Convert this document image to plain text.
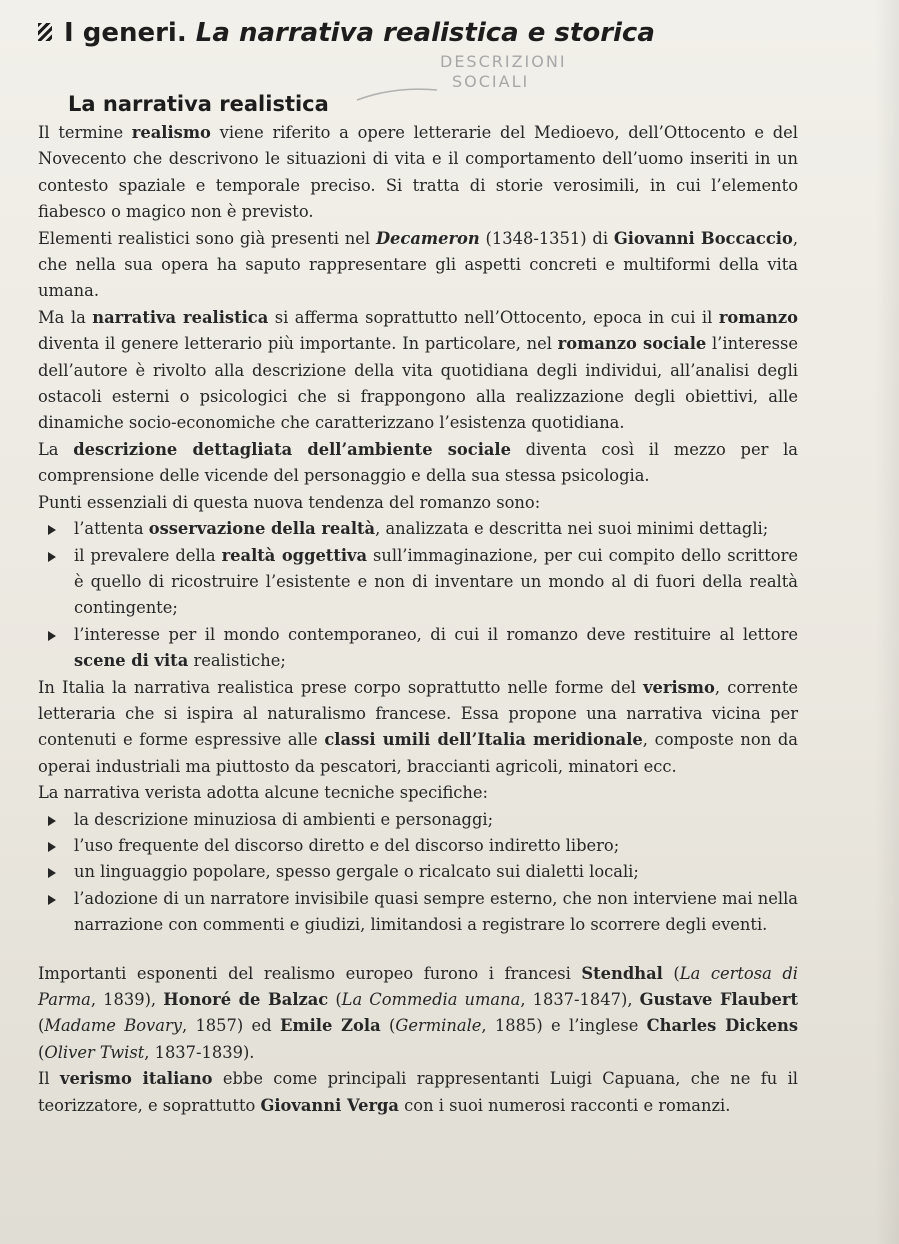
I generi. La narrativa realistica e storica
DESCRIZIONI
SOCIALI
La narrativa realistica

Il termine realismo viene riferito a opere letterarie del Medioevo, dell’Ottocento e del Novecento che descrivono le situazioni di vita e il comportamento dell’uomo inseriti in un contesto spaziale e temporale preciso. Si tratta di storie verosimili, in cui l’elemento fiabesco o magico non è previsto.

Elementi realistici sono già presenti nel Decameron (1348-1351) di Giovanni Boccaccio, che nella sua opera ha saputo rappresentare gli aspetti concreti e multiformi della vita umana.

Ma la narrativa realistica si afferma soprattutto nell’Ottocento, epoca in cui il romanzo diventa il genere letterario più importante. In particolare, nel romanzo sociale l’interesse dell’autore è rivolto alla descrizione della vita quotidiana degli individui, all’analisi degli ostacoli esterni o psicologici che si frappongono alla realizzazione degli obiettivi, alle dinamiche socio-economiche che caratterizzano l’esistenza quotidiana.

La descrizione dettagliata dell’ambiente sociale diventa così il mezzo per la comprensione delle vicende del personaggio e della sua stessa psicologia.

Punti essenziali di questa nuova tendenza del romanzo sono:

l’attenta osservazione della realtà, analizzata e descritta nei suoi minimi dettagli;
il prevalere della realtà oggettiva sull’immaginazione, per cui compito dello scrittore è quello di ricostruire l’esistente e non di inventare un mondo al di fuori della realtà contingente;
l’interesse per il mondo contemporaneo, di cui il romanzo deve restituire al lettore scene di vita realistiche;

In Italia la narrativa realistica prese corpo soprattutto nelle forme del verismo, corrente letteraria che si ispira al naturalismo francese. Essa propone una narrativa vicina per contenuti e forme espressive alle classi umili dell’Italia meridionale, composte non da operai industriali ma piuttosto da pescatori, braccianti agricoli, minatori ecc.

La narrativa verista adotta alcune tecniche specifiche:

la descrizione minuziosa di ambienti e personaggi;
l’uso frequente del discorso diretto e del discorso indiretto libero;
un linguaggio popolare, spesso gergale o ricalcato sui dialetti locali;
l’adozione di un narratore invisibile quasi sempre esterno, che non interviene mai nella narrazione con commenti e giudizi, limitandosi a registrare lo scorrere degli eventi.

Importanti esponenti del realismo europeo furono i francesi Stendhal (La certosa di Parma, 1839), Honoré de Balzac (La Commedia umana, 1837-1847), Gustave Flaubert (Madame Bovary, 1857) ed Emile Zola (Germinale, 1885) e l’inglese Charles Dickens (Oliver Twist, 1837-1839).

Il verismo italiano ebbe come principali rappresentanti Luigi Capuana, che ne fu il teorizzatore, e soprattutto Giovanni Verga con i suoi numerosi racconti e romanzi.
